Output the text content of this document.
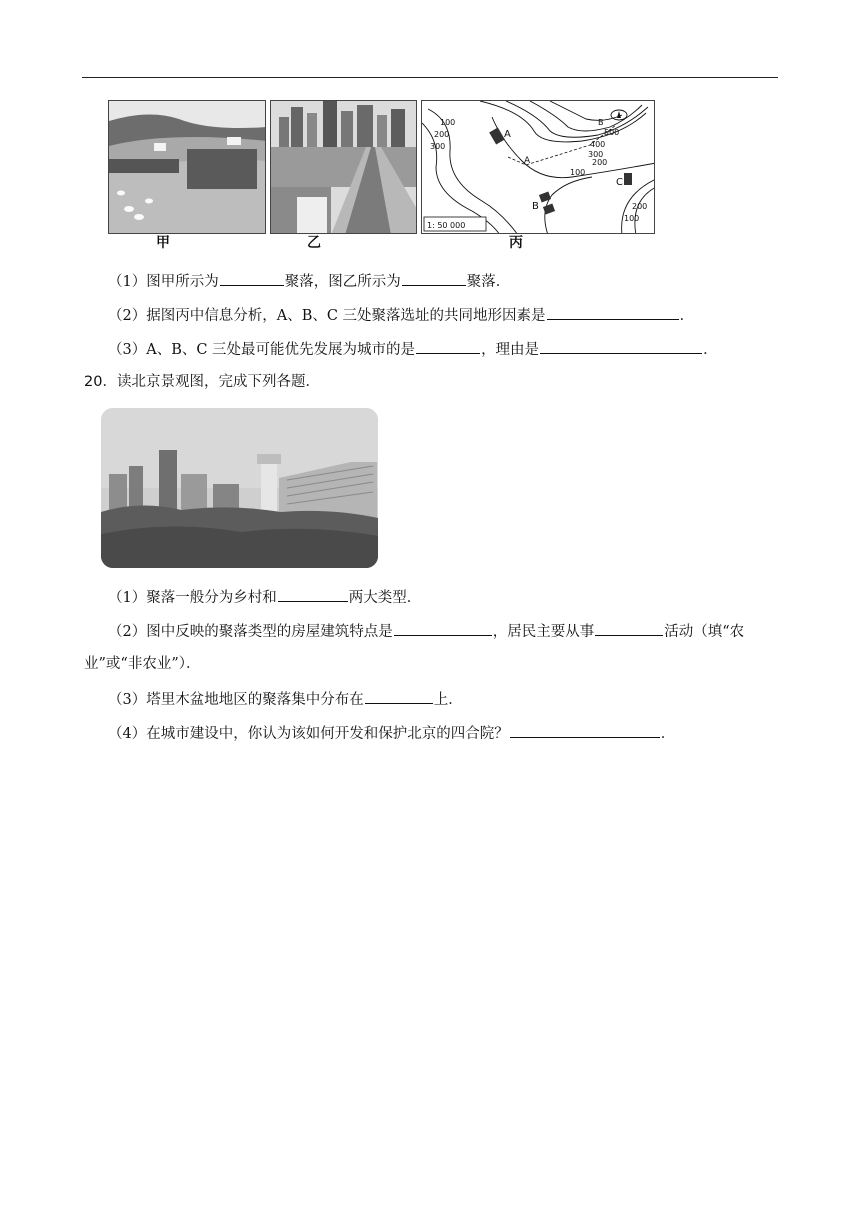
甲	乙
100
200
300
500
400
300
200
100
200
100
A
A
B
B
C
1: 50 000
丙
（1）图甲所示为	聚落，图乙所示为	聚落．
（2）据图丙中信息分析，A、B、C 三处聚落选址的共同地形因素是	．
（3）A、B、C 三处最可能优先发展为城市的是	，理由是	．
20．读北京景观图，完成下列各题．
（1）聚落一般分为乡村和	两大类型．
（2）图中反映的聚落类型的房屋建筑特点是	，居民主要从事	活动（填“农
业”或“非农业”）．
（3）塔里木盆地地区的聚落集中分布在	上．
（4）在城市建设中，你认为该如何开发和保护北京的四合院？	．
